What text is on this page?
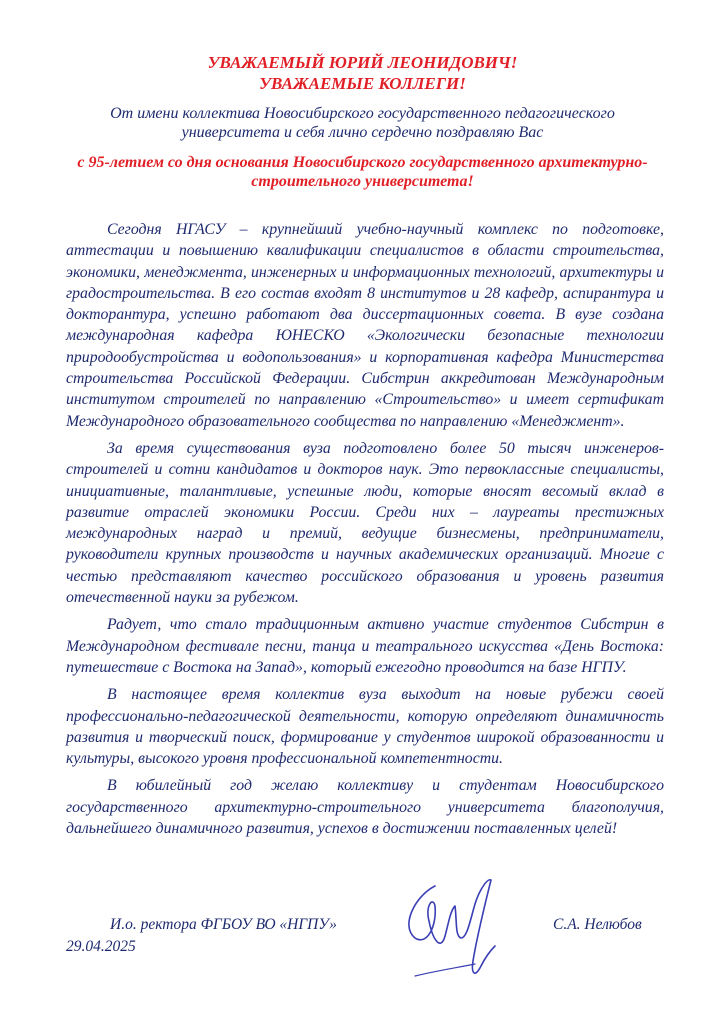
УВАЖАЕМЫЙ ЮРИЙ ЛЕОНИДОВИЧ!
УВАЖАЕМЫЕ КОЛЛЕГИ!
От имени коллектива Новосибирского государственного педагогического университета и себя лично сердечно поздравляю Вас
с 95-летием со дня основания Новосибирского государственного архитектурно-строительного университета!

Сегодня НГАСУ – крупнейший учебно-научный комплекс по подготовке, аттестации и повышению квалификации специалистов в области строительства, экономики, менеджмента, инженерных и информационных технологий, архитектуры и градостроительства. В его состав входят 8 институтов и 28 кафедр, аспирантура и докторантура, успешно работают два диссертационных совета. В вузе создана международная кафедра ЮНЕСКО «Экологически безопасные технологии природообустройства и водопользования» и корпоративная кафедра Министерства строительства Российской Федерации. Сибстрин аккредитован Международным институтом строителей по направлению «Строительство» и имеет сертификат Международного образовательного сообщества по направлению «Менеджмент».

За время существования вуза подготовлено более 50 тысяч инженеров-строителей и сотни кандидатов и докторов наук. Это первоклассные специалисты, инициативные, талантливые, успешные люди, которые вносят весомый вклад в развитие отраслей экономики России. Среди них – лауреаты престижных международных наград и премий, ведущие бизнесмены, предприниматели, руководители крупных производств и научных академических организаций. Многие с честью представляют качество российского образования и уровень развития отечественной науки за рубежом.

Радует, что стало традиционным активно участие студентов Сибстрин в Международном фестивале песни, танца и театрального искусства «День Востока: путешествие с Востока на Запад», который ежегодно проводится на базе НГПУ.

В настоящее время коллектив вуза выходит на новые рубежи своей профессионально-педагогической деятельности, которую определяют динамичность развития и творческий поиск, формирование у студентов широкой образованности и культуры, высокого уровня профессиональной компетентности.

В юбилейный год желаю коллективу и студентам Новосибирского государственного архитектурно-строительного университета благополучия, дальнейшего динамичного развития, успехов в достижении поставленных целей!

И.о. ректора ФГБОУ ВО «НГПУ»
29.04.2025
С.А. Нелюбов
